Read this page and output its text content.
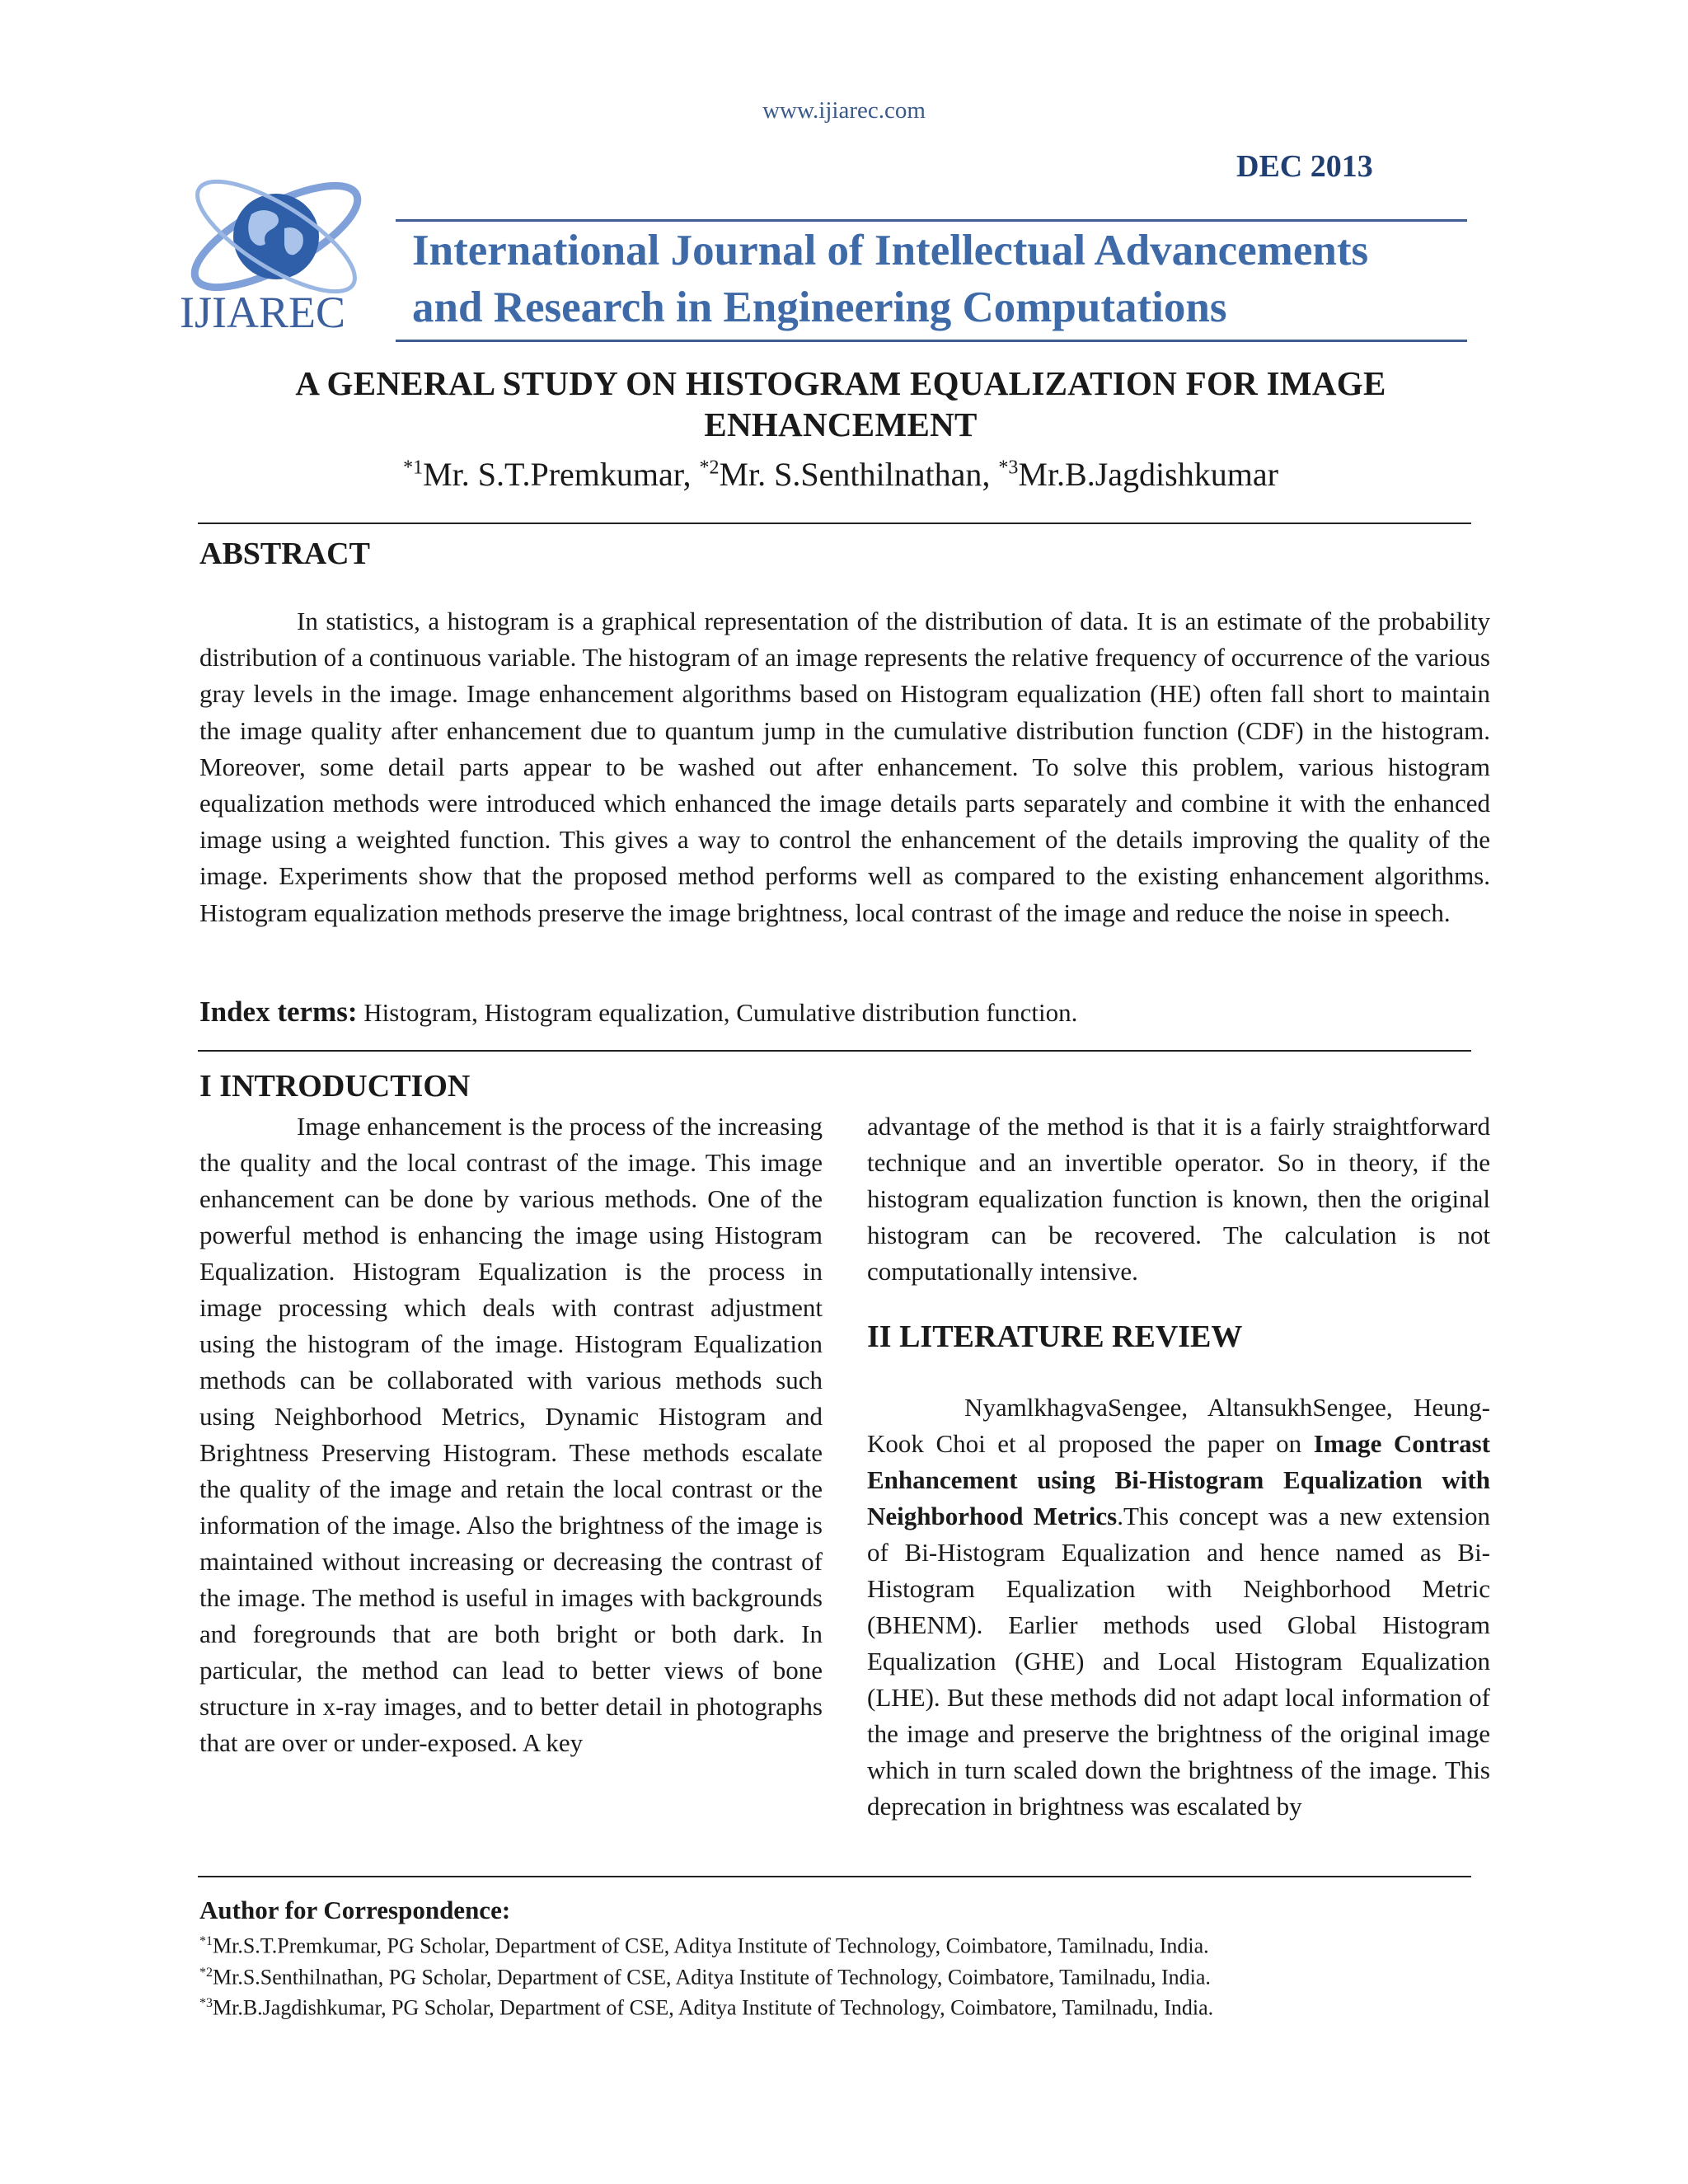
www.ijiarec.com
DEC 2013
IJIAREC
International Journal of Intellectual Advancements
and Research in Engineering Computations
A GENERAL STUDY ON HISTOGRAM EQUALIZATION FOR IMAGE
ENHANCEMENT
$^{*1}$Mr. S.T.Premkumar, $^{*2}$Mr. S.Senthilnathan, $^{*3}$Mr.B.Jagdishkumar
ABSTRACT
In statistics, a histogram is a graphical representation of the distribution of data. It is an estimate of the probability distribution of a continuous variable. The histogram of an image represents the relative frequency of occurrence of the various gray levels in the image. Image enhancement algorithms based on Histogram equalization (HE) often fall short to maintain the image quality after enhancement due to quantum jump in the cumulative distribution function (CDF) in the histogram. Moreover, some detail parts appear to be washed out after enhancement. To solve this problem, various histogram equalization methods were introduced which enhanced the image details parts separately and combine it with the enhanced image using a weighted function. This gives a way to control the enhancement of the details improving the quality of the image. Experiments show that the proposed method performs well as compared to the existing enhancement algorithms. Histogram equalization methods preserve the image brightness, local contrast of the image and reduce the noise in speech.
Index terms: Histogram, Histogram equalization, Cumulative distribution function.
I INTRODUCTION
Image enhancement is the process of the increasing the quality and the local contrast of the image. This image enhancement can be done by various methods. One of the powerful method is enhancing the image using Histogram Equalization. Histogram Equalization is the process in image processing which deals with contrast adjustment using the histogram of the image. Histogram Equalization methods can be collaborated with various methods such using Neighborhood Metrics, Dynamic Histogram and Brightness Preserving Histogram. These methods escalate the quality of the image and retain the local contrast or the information of the image. Also the brightness of the image is maintained without increasing or decreasing the contrast of the image. The method is useful in images with backgrounds and foregrounds that are both bright or both dark. In particular, the method can lead to better views of bone structure in x-ray images, and to better detail in photographs that are over or under-exposed. A key
advantage of the method is that it is a fairly straightforward technique and an invertible operator. So in theory, if the histogram equalization function is known, then the original histogram can be recovered. The calculation is not computationally intensive.
II LITERATURE REVIEW
NyamlkhagvaSengee, AltansukhSengee, Heung-Kook Choi et al proposed the paper on Image Contrast Enhancement using Bi-Histogram Equalization with Neighborhood Metrics.This concept was a new extension of Bi-Histogram Equalization and hence named as Bi-Histogram Equalization with Neighborhood Metric (BHENM). Earlier methods used Global Histogram Equalization (GHE) and Local Histogram Equalization (LHE). But these methods did not adapt local information of the image and preserve the brightness of the original image which in turn scaled down the brightness of the image. This deprecation in brightness was escalated by
Author for Correspondence:
$^{*1}$Mr.S.T.Premkumar, PG Scholar, Department of CSE, Aditya Institute of Technology, Coimbatore, Tamilnadu, India.
$^{*2}$Mr.S.Senthilnathan, PG Scholar, Department of CSE, Aditya Institute of Technology, Coimbatore, Tamilnadu, India.
$^{*3}$Mr.B.Jagdishkumar, PG Scholar, Department of CSE, Aditya Institute of Technology, Coimbatore, Tamilnadu, India.
